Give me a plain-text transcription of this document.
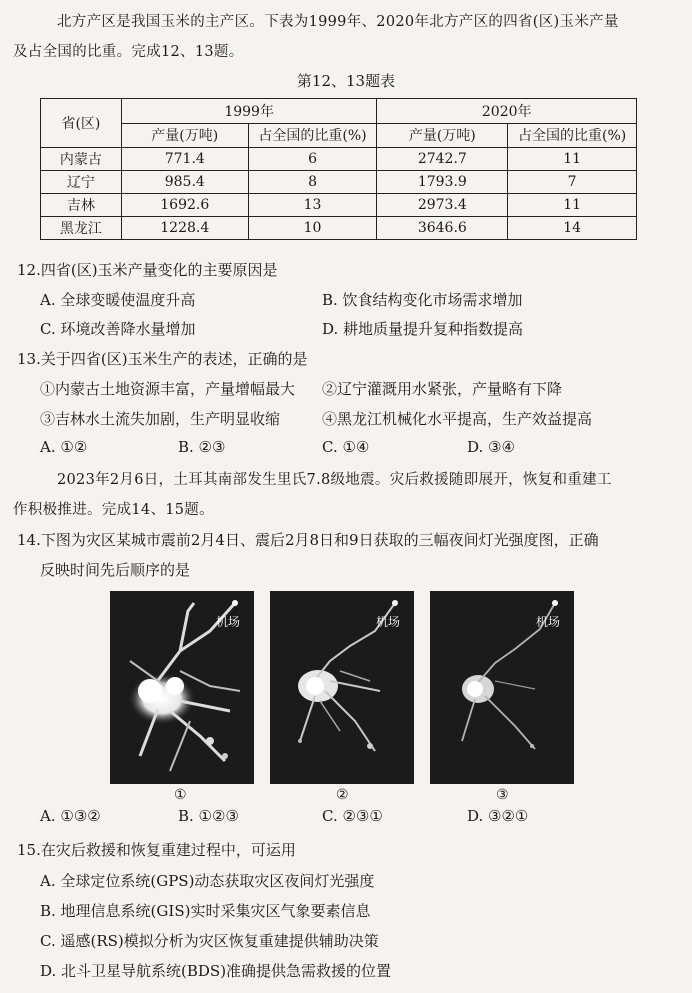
北方产区是我国玉米的主产区。下表为1999年、2020年北方产区的四省(区)玉米产量
及占全国的比重。完成12、13题。
第12、13题表
省(区)	1999年		2020年	
	产量(万吨)	占全国的比重(%)	产量(万吨)	占全国的比重(%)
内蒙古	771.4	6	2742.7	11
辽宁	985.4	8	1793.9	7
吉林	1692.6	13	2973.4	11
黑龙江	1228.4	10	3646.6	14
12.四省(区)玉米产量变化的主要原因是
A. 全球变暖使温度升高	B. 饮食结构变化市场需求增加
C. 环境改善降水量增加	D. 耕地质量提升复种指数提高
13.关于四省(区)玉米生产的表述，正确的是
①内蒙古土地资源丰富，产量增幅最大 ②辽宁灌溉用水紧张，产量略有下降
③吉林水土流失加剧，生产明显收缩	④黑龙江机械化水平提高，生产效益提高
A. ①②	B. ②③	C. ①④	D. ③④
2023年2月6日，土耳其南部发生里氏7.8级地震。灾后救援随即展开，恢复和重建工
作积极推进。完成14、15题。
14.下图为灾区某城市震前2月4日、震后2月8日和9日获取的三幅夜间灯光强度图，正确
反映时间先后顺序的是
机场	机场	机场
①	②	③
A. ①③②	B. ①②③	C. ②③①	D. ③②①
15.在灾后救援和恢复重建过程中，可运用
A. 全球定位系统(GPS)动态获取灾区夜间灯光强度
B. 地理信息系统(GIS)实时采集灾区气象要素信息
C. 遥感(RS)模拟分析为灾区恢复重建提供辅助决策
D. 北斗卫星导航系统(BDS)准确提供急需救援的位置
